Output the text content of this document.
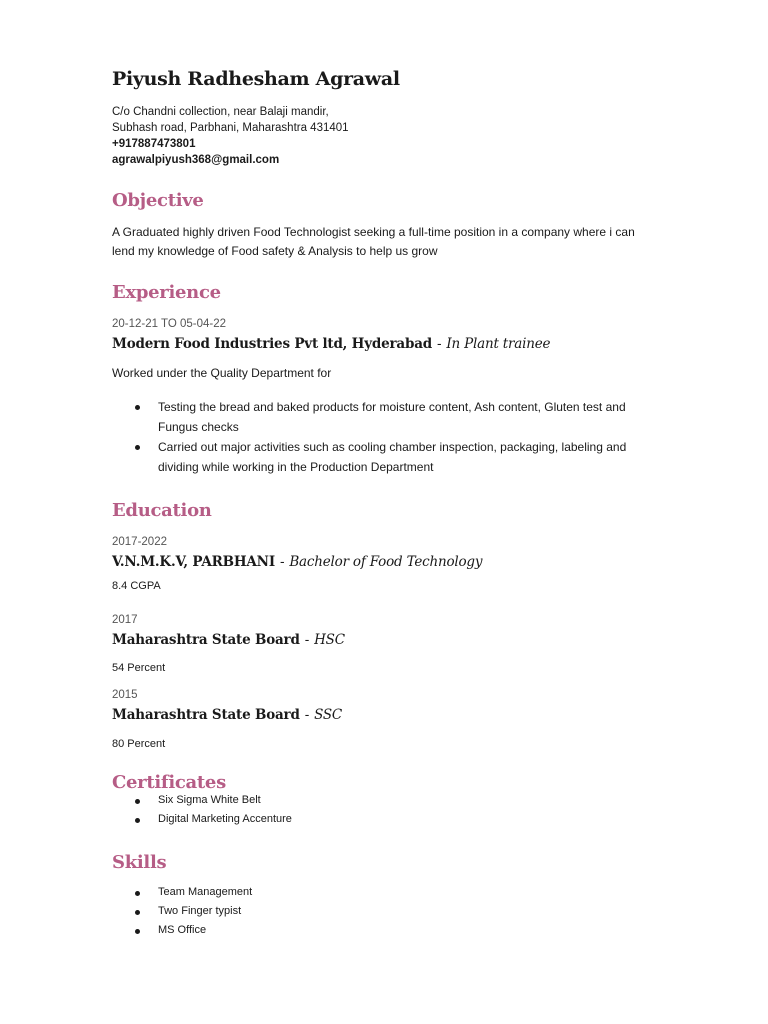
Piyush Radhesham Agrawal
C/o Chandni collection, near Balaji mandir,
Subhash road, Parbhani, Maharashtra 431401
+917887473801
agrawalpiyush368@gmail.com
Objective
A Graduated highly driven Food Technologist seeking a full-time position in a company where i can lend my knowledge of Food safety & Analysis to help us grow
Experience
20-12-21 TO 05-04-22
Modern Food Industries Pvt ltd, Hyderabad - In Plant trainee
Worked under the Quality Department for
Testing the bread and baked products for moisture content, Ash content, Gluten test and Fungus checks
Carried out major activities such as cooling chamber inspection, packaging, labeling and dividing while working in the Production Department
Education
2017-2022
V.N.M.K.V, PARBHANI - Bachelor of Food Technology
8.4 CGPA
2017
Maharashtra State Board - HSC
54 Percent
2015
Maharashtra State Board - SSC
80 Percent
Certificates
Six Sigma White Belt
Digital Marketing Accenture
Skills
Team Management
Two Finger typist
MS Office
